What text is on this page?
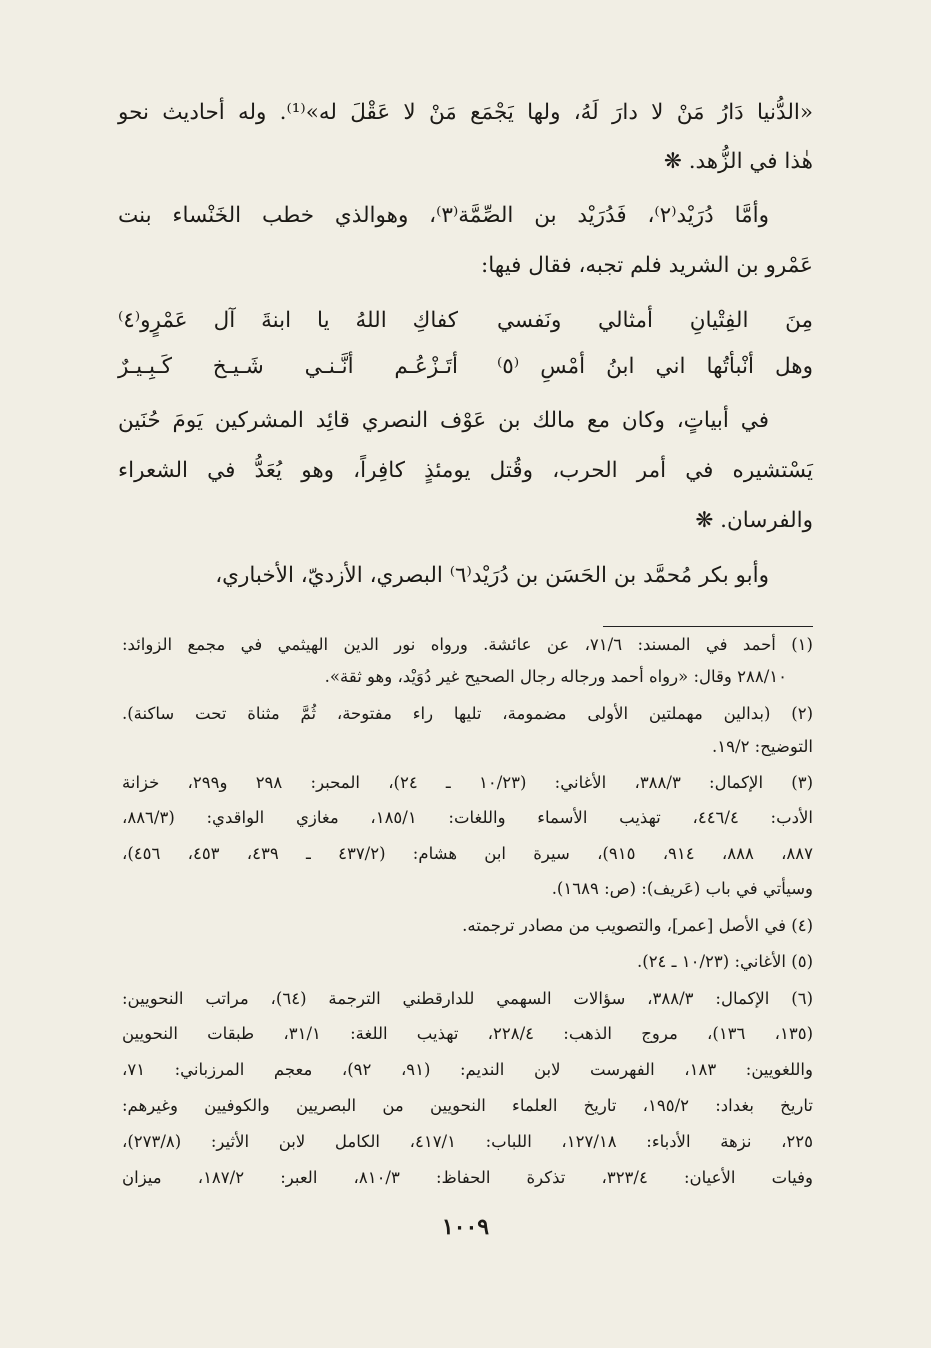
«الدُّنيا دَارُ مَنْ لا دارَ لَهُ، ولها يَجْمَع مَنْ لا عَقْلَ له»⁽¹⁾. وله أحاديث نحو
هٰذا في الزُّهد. ❋
وأمَّا دُرَيْد⁽٢⁾، فَدُرَيْد بن الصِّمَّة⁽٣⁾، وهوالذي خطب الخَنْساء بنت
عَمْرو بن الشريد فلم تجبه، فقال فيها:
مِنَ الفِتْيانِ أمثالي ونَفسي
كفاكِ اللهُ يا ابنةَ آل عَمْرٍو⁽٤⁾
وهل أنْبأتُها اني ابنُ أمْسِ ⁽٥⁾
أتَـزْعُـم أنَّـنـي شَـيـخ كَـبِـيـرٌ
في أبياتٍ، وكان مع مالك بن عَوْف النصري قائِد المشركين يَومَ حُنَين
يَسْتشيره في أمر الحرب، وقُتل يومئذٍ كافِراً، وهو يُعَدُّ في الشعراء
والفرسان. ❋
وأبو بكر مُحمَّد بن الحَسَن بن دُرَيْد⁽٦⁾ البصري، الأزديّ، الأخباري،
(١) أحمد في المسند: ٧١/٦، عن عائشة. ورواه نور الدين الهيثمي في مجمع الزوائد:
٢٨٨/١٠ وقال: «رواه أحمد ورجاله رجال الصحيح غير دُوَيْد، وهو ثقة».
(٢) (بدالين مهملتين الأولى مضمومة، تليها راء مفتوحة، ثُمَّ مثناة تحت ساكنة).
التوضيح: ١٩/٢.
(٣) الإكمال: ٣٨٨/٣، الأغاني: (١٠/٢٣ ـ ٢٤)، المحبر: ٢٩٨ و٢٩٩، خزانة
الأدب: ٤٤٦/٤، تهذيب الأسماء واللغات: ١٨٥/١، مغازي الواقدي: (٨٨٦/٣،
٨٨٧، ٨٨٨، ٩١٤، ٩١٥)، سيرة ابن هشام: (٤٣٧/٢ ـ ٤٣٩، ٤٥٣، ٤٥٦)،
وسيأتي في باب (عَريف): (ص: ١٦٨٩).
(٤) في الأصل [عمر]، والتصويب من مصادر ترجمته.
(٥) الأغاني: (١٠/٢٣ ـ ٢٤).
(٦) الإكمال: ٣٨٨/٣، سؤالات السهمي للدارقطني الترجمة (٦٤)، مراتب النحويين:
(١٣٥، ١٣٦)، مروج الذهب: ٢٢٨/٤، تهذيب اللغة: ٣١/١، طبقات النحويين
واللغويين: ١٨٣، الفهرست لابن النديم: (٩١، ٩٢)، معجم المرزباني: ٧١،
تاريخ بغداد: ١٩٥/٢، تاريخ العلماء النحويين من البصريين والكوفيين وغيرهم:
٢٢٥، نزهة الأدباء: ١٢٧/١٨، اللباب: ٤١٧/١، الكامل لابن الأثير: (٢٧٣/٨)،
وفيات الأعيان: ٣٢٣/٤، تذكرة الحفاظ: ٨١٠/٣، العبر: ١٨٧/٢، ميزان
١٠٠٩
